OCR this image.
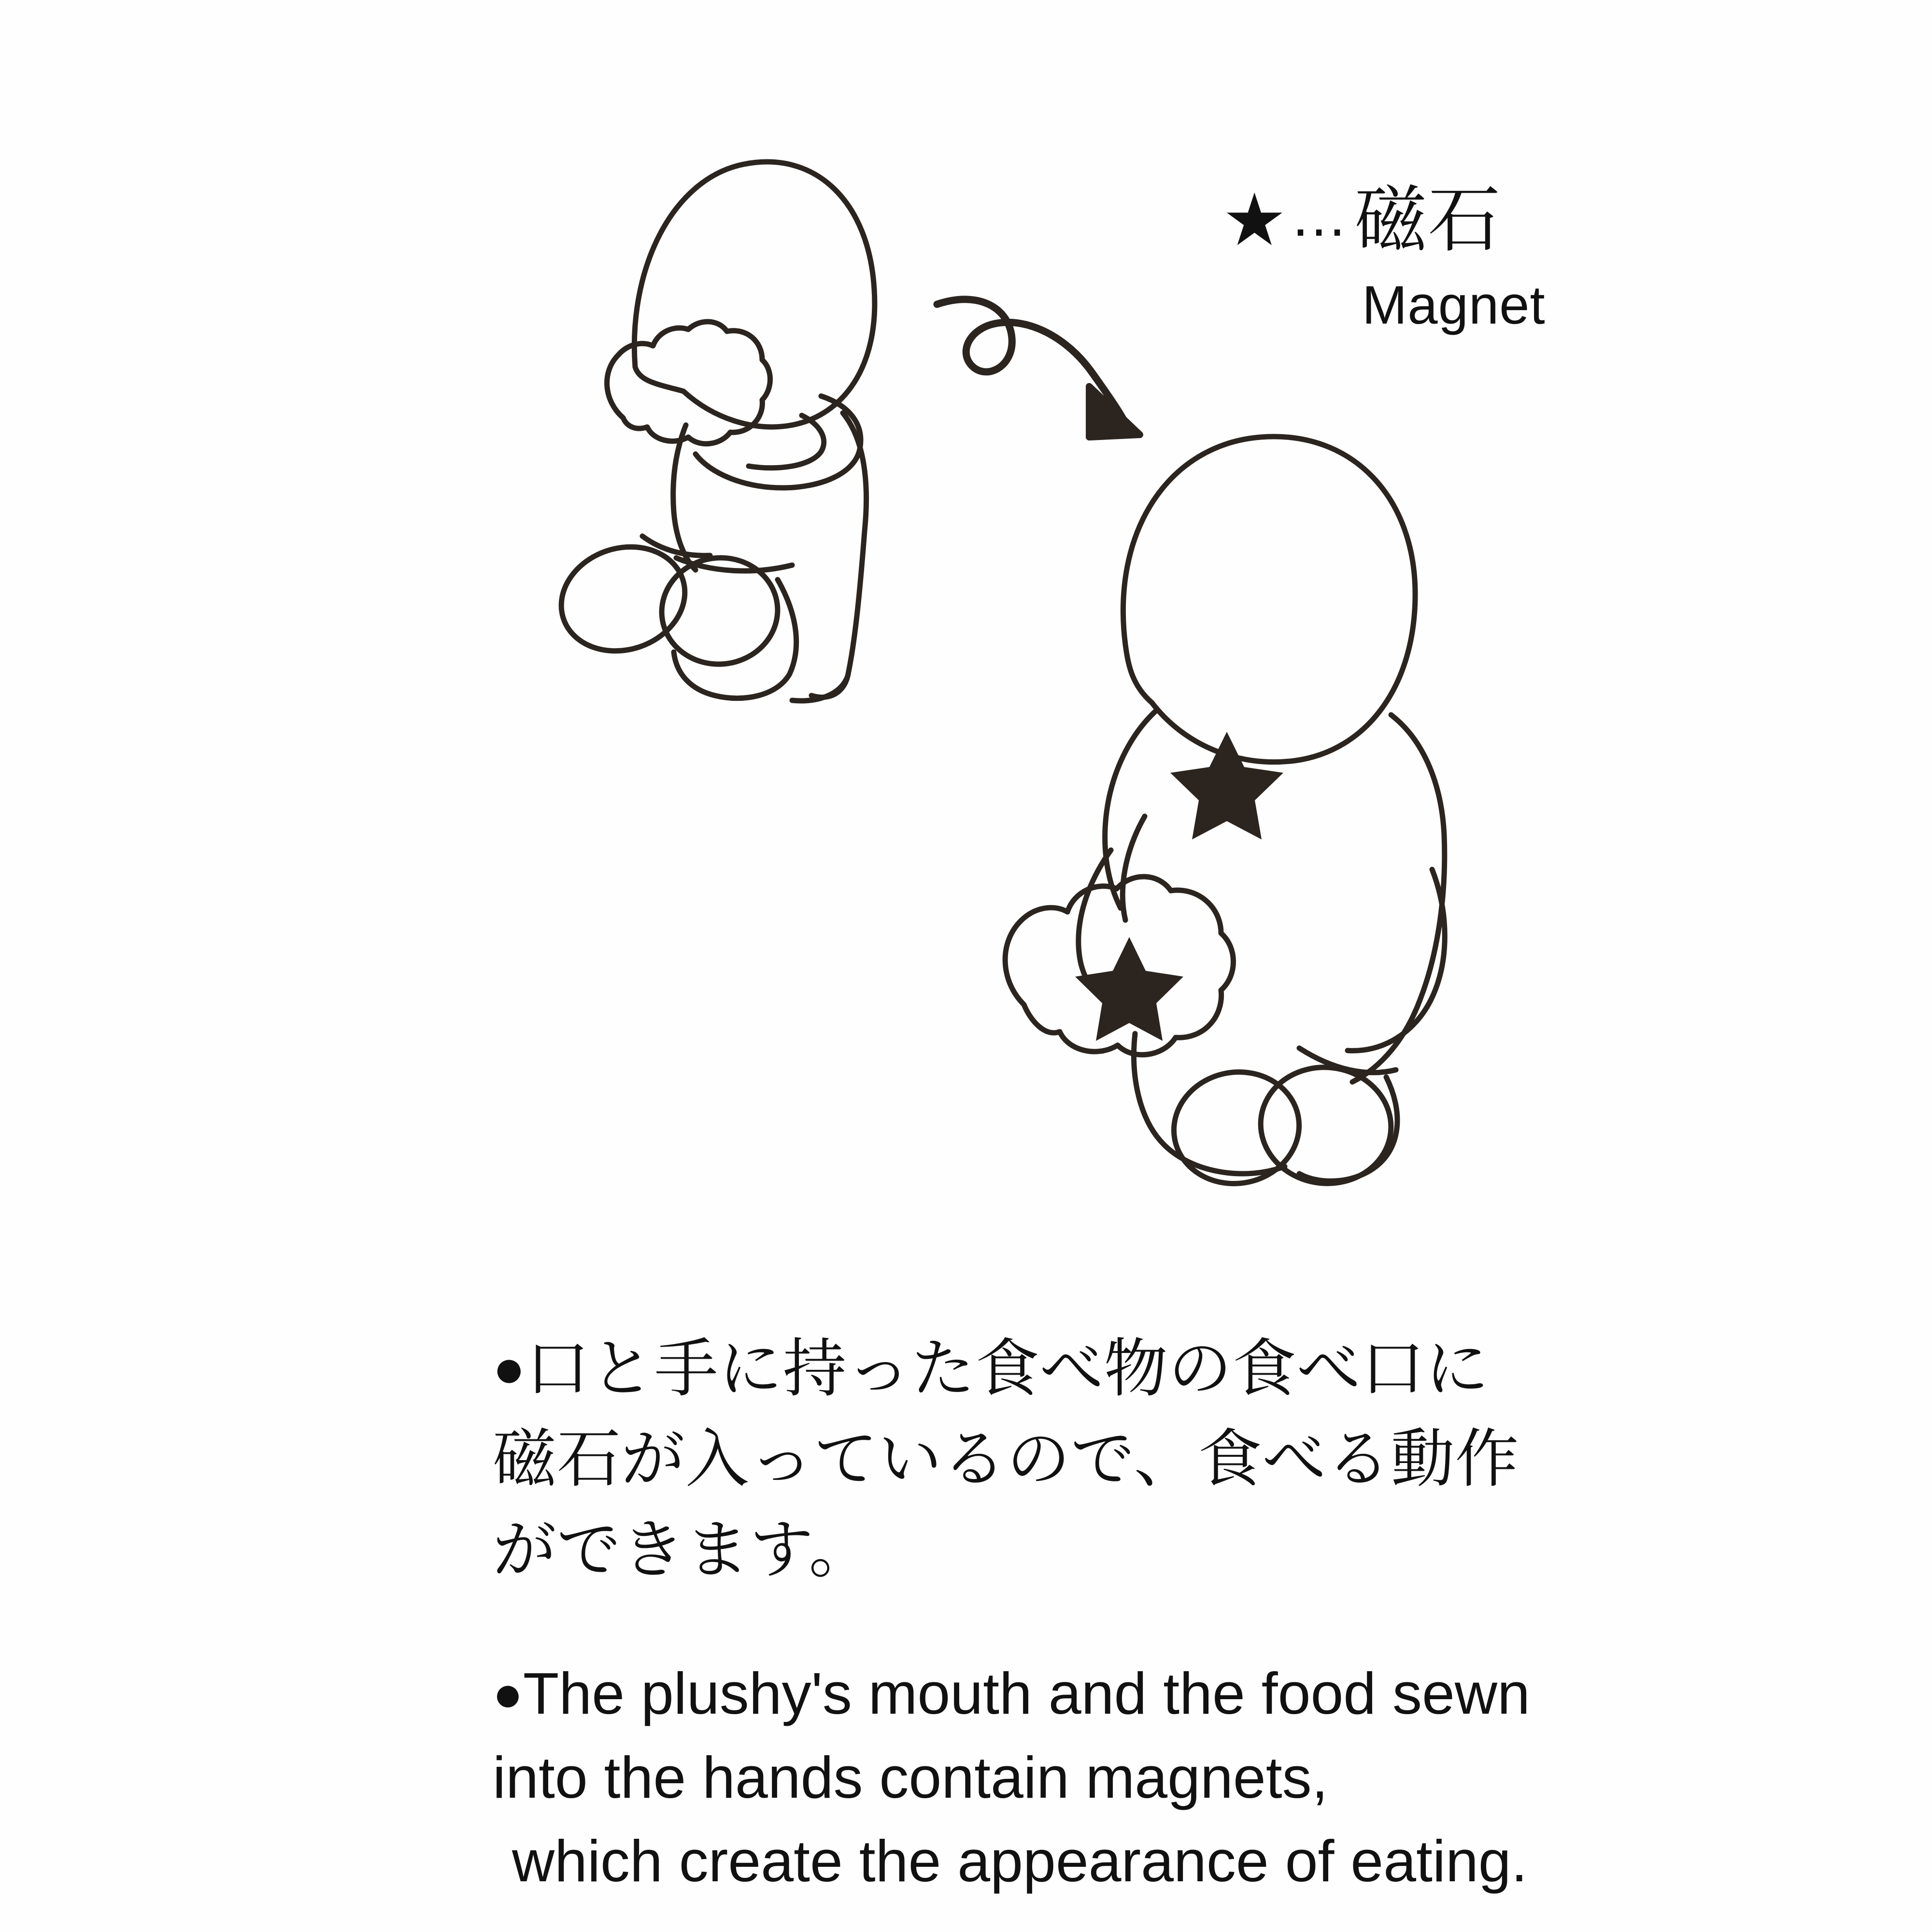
★ … 磁石
Magnet
●口と手に持った食べ物の食べ口に
磁石が入っているので、食べる動作
ができます。
●The plushy's mouth and the food sewn
into the hands contain magnets,
which create the appearance of eating.
